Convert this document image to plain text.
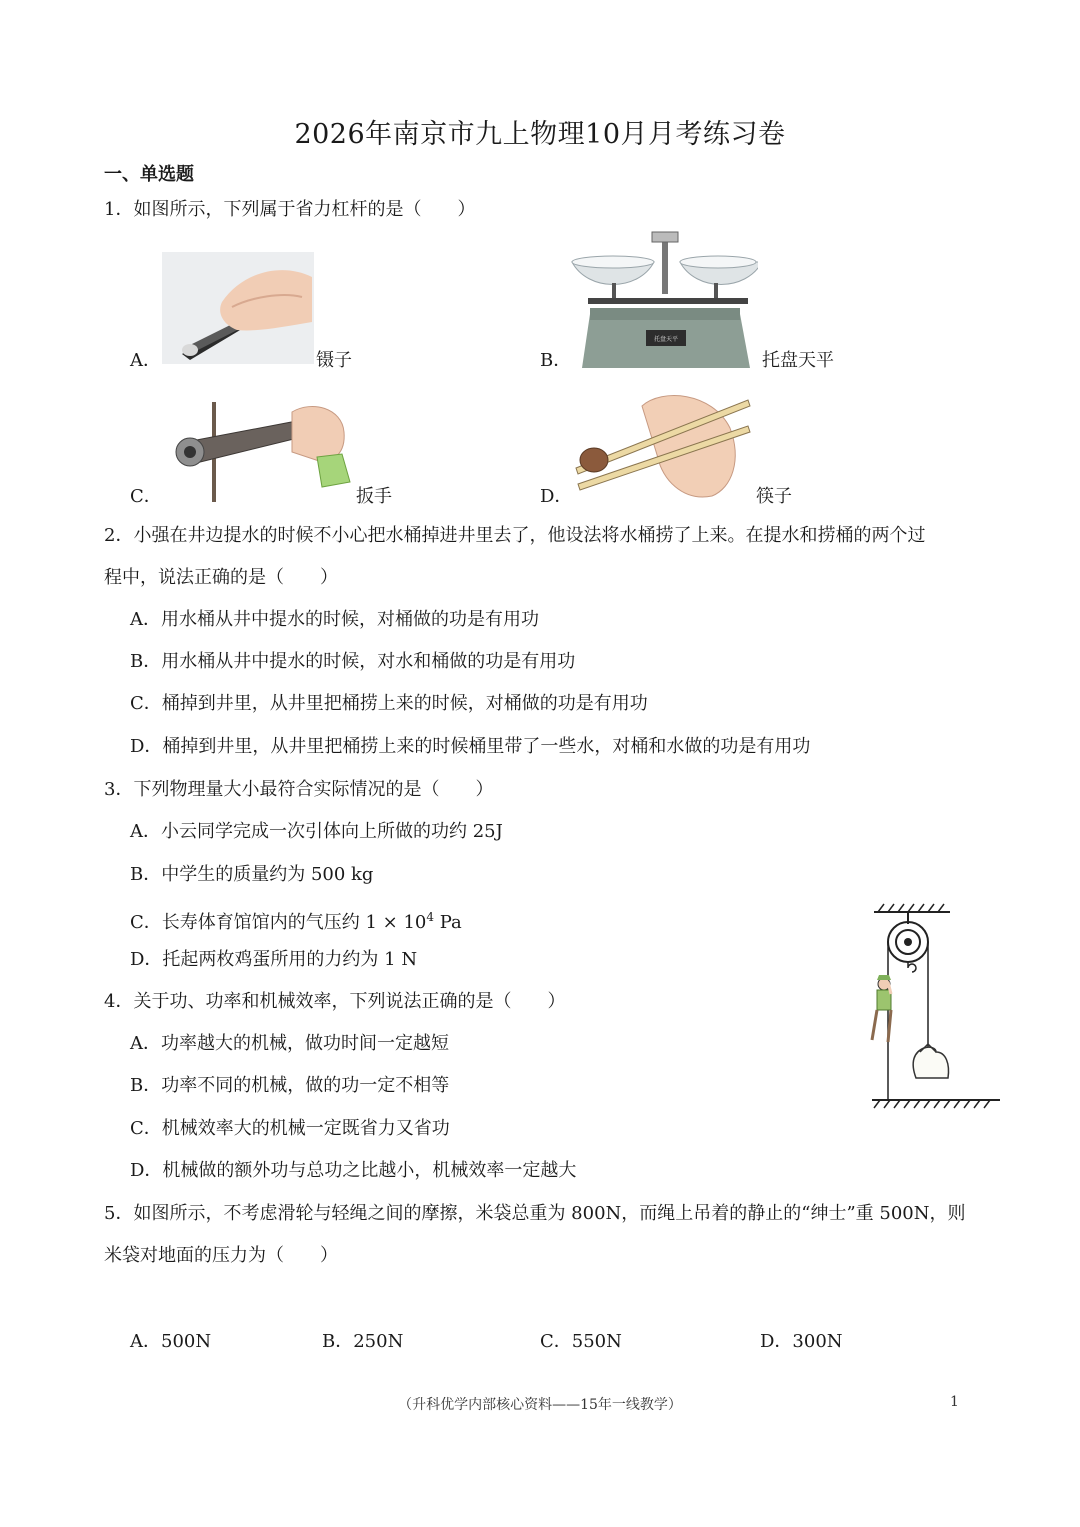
2026年南京市九上物理10月月考练习卷
一、单选题
1．如图所示，下列属于省力杠杆的是（　　）
A．	镊子	B．
托盘天平
托盘天平
C．	扳手	D．	筷子
2．小强在井边提水的时候不小心把水桶掉进井里去了，他设法将水桶捞了上来。在提水和捞桶的两个过
程中，说法正确的是（　　）
A．用水桶从井中提水的时候，对桶做的功是有用功
B．用水桶从井中提水的时候，对水和桶做的功是有用功
C．桶掉到井里，从井里把桶捞上来的时候，对桶做的功是有用功
D．桶掉到井里，从井里把桶捞上来的时候桶里带了一些水，对桶和水做的功是有用功
3．下列物理量大小最符合实际情况的是（　　）
A．小云同学完成一次引体向上所做的功约 25J
B．中学生的质量约为 500 kg
C．长寿体育馆馆内的气压约 $1 \times 10^4$ Pa
D．托起两枚鸡蛋所用的力约为 1 N
4．关于功、功率和机械效率，下列说法正确的是（　　）
A．功率越大的机械，做功时间一定越短
B．功率不同的机械，做的功一定不相等
C．机械效率大的机械一定既省力又省功
D．机械做的额外功与总功之比越小，机械效率一定越大
5．如图所示，不考虑滑轮与轻绳之间的摩擦，米袋总重为 800N，而绳上吊着的静止的“绅士”重 500N，则
米袋对地面的压力为（　　）
A．500N	B．250N	C．550N	D．300N
（升科优学内部核心资料——15年一线教学）	1
